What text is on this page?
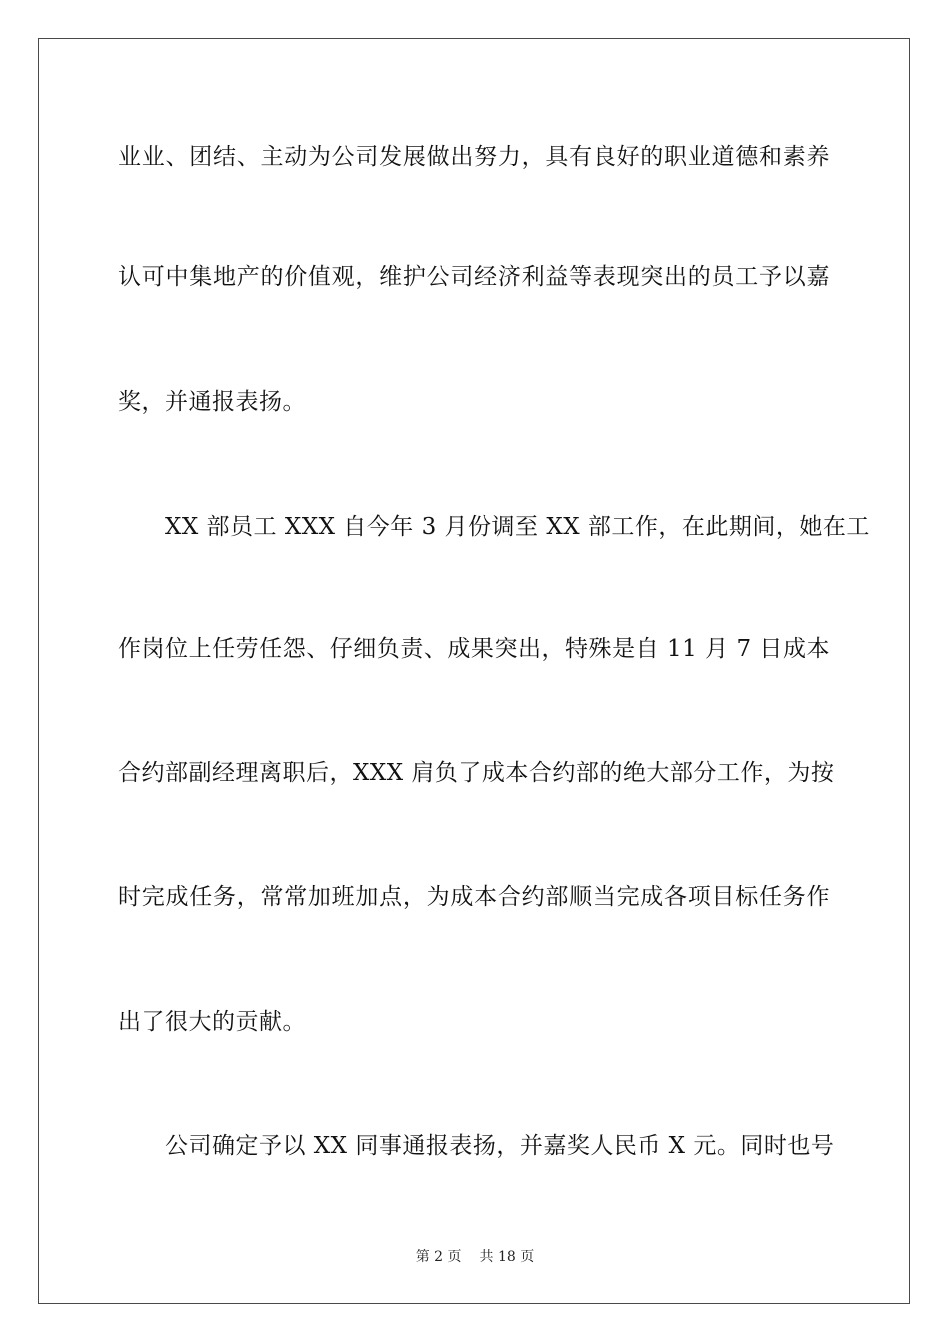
业业、团结、主动为公司发展做出努力，具有良好的职业道德和素养
认可中集地产的价值观，维护公司经济利益等表现突出的员工予以嘉
奖，并通报表扬。
XX 部员工 XXX 自今年 3 月份调至 XX 部工作，在此期间，她在工
作岗位上任劳任怨、仔细负责、成果突出，特殊是自 11 月 7 日成本
合约部副经理离职后，XXX 肩负了成本合约部的绝大部分工作，为按
时完成任务，常常加班加点，为成本合约部顺当完成各项目标任务作
出了很大的贡献。
公司确定予以 XX 同事通报表扬，并嘉奖人民币 X 元。同时也号
第 2 页 共 18 页
